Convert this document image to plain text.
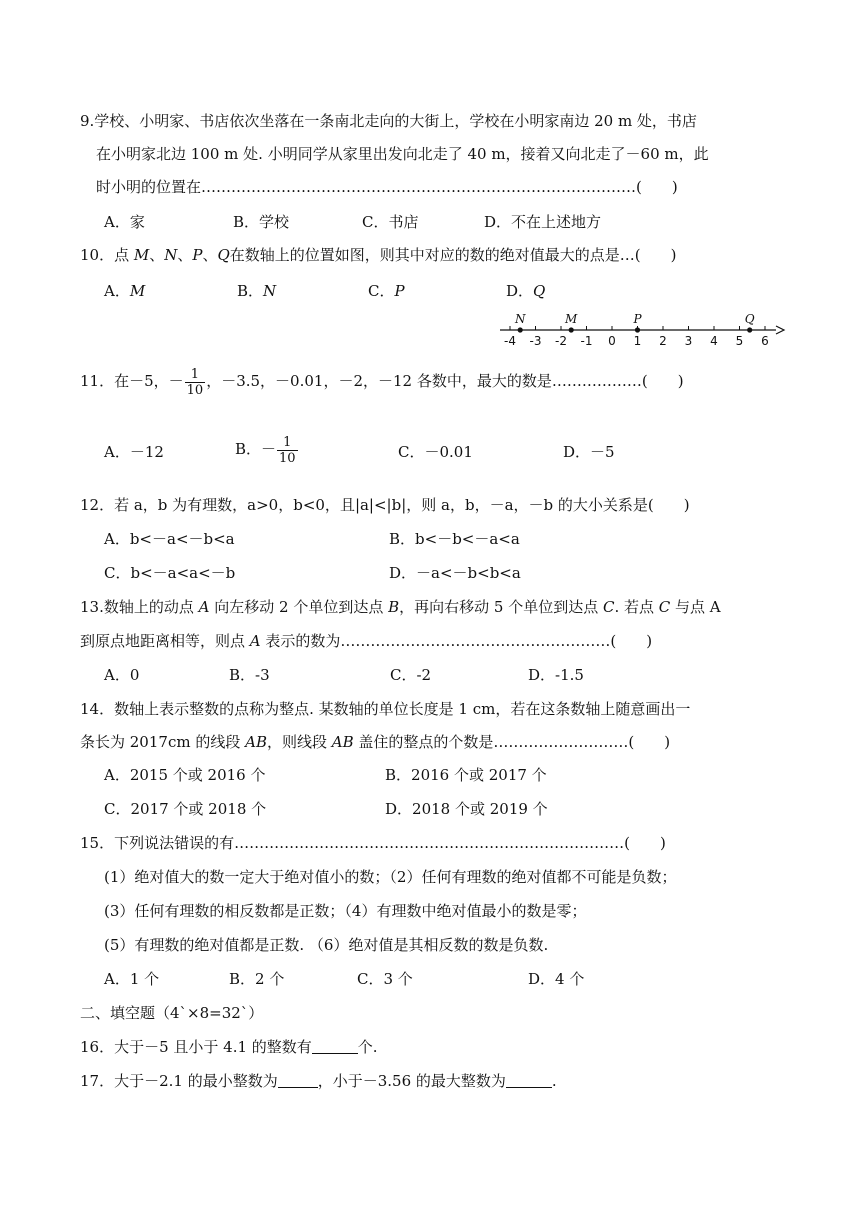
9.学校、小明家、书店依次坐落在一条南北走向的大街上，学校在小明家南边 20 m 处，书店
在小明家北边 100 m 处. 小明同学从家里出发向北走了 40 m，接着又向北走了－60 m，此
时小明的位置在……………………………………………………………………………(　　)
A．家	B．学校	C．书店	D．不在上述地方
10．点 M、N、P、Q在数轴上的位置如图，则其中对应的数的绝对值最大的点是…(　　)
A．M	B．N	C．P	D．Q
-4 -3 -2 -1 0 1 2 3 4 5 6
N	M	P	Q
11．在－5，－ $\frac{1}{10}$ ，－3.5，－0.01，－2，－12 各数中，最大的数是………………(　　)
A．－12	B．－ $\frac{1}{10}$	C．－0.01	D．－5
12．若 a，b 为有理数，a>0，b<0，且|a|<|b|，则 a，b，－a，－b 的大小关系是(　　)
A．b<－a<－b<a	B．b<－b<－a<a
C．b<－a<a<－b	D．－a<－b<b<a
13.数轴上的动点 A 向左移动 2 个单位到达点 B，再向右移动 5 个单位到达点 C. 若点 C 与点 A
到原点地距离相等，则点 A 表示的数为………………………………………………(　　)
A．0	B．-3	C．-2	D．-1.5
14．数轴上表示整数的点称为整点. 某数轴的单位长度是 1 cm，若在这条数轴上随意画出一
条长为 2017cm 的线段 AB，则线段 AB 盖住的整点的个数是………………………(　　)
A．2015 个或 2016 个	B．2016 个或 2017 个
C．2017 个或 2018 个	D．2018 个或 2019 个
15．下列说法错误的有……………………………………………………………………(　　)
(1）绝对值大的数一定大于绝对值小的数；（2）任何有理数的绝对值都不可能是负数；
(3）任何有理数的相反数都是正数；（4）有理数中绝对值最小的数是零；
(5）有理数的绝对值都是正数. （6）绝对值是其相反数的数是负数.
A．1 个	B．2 个	C．3 个	D．4 个
二、填空题（4`×8=32`）
16．大于－5 且小于 4.1 的整数有	个.
17．大于－2.1 的最小整数为	，小于－3.56 的最大整数为	.
